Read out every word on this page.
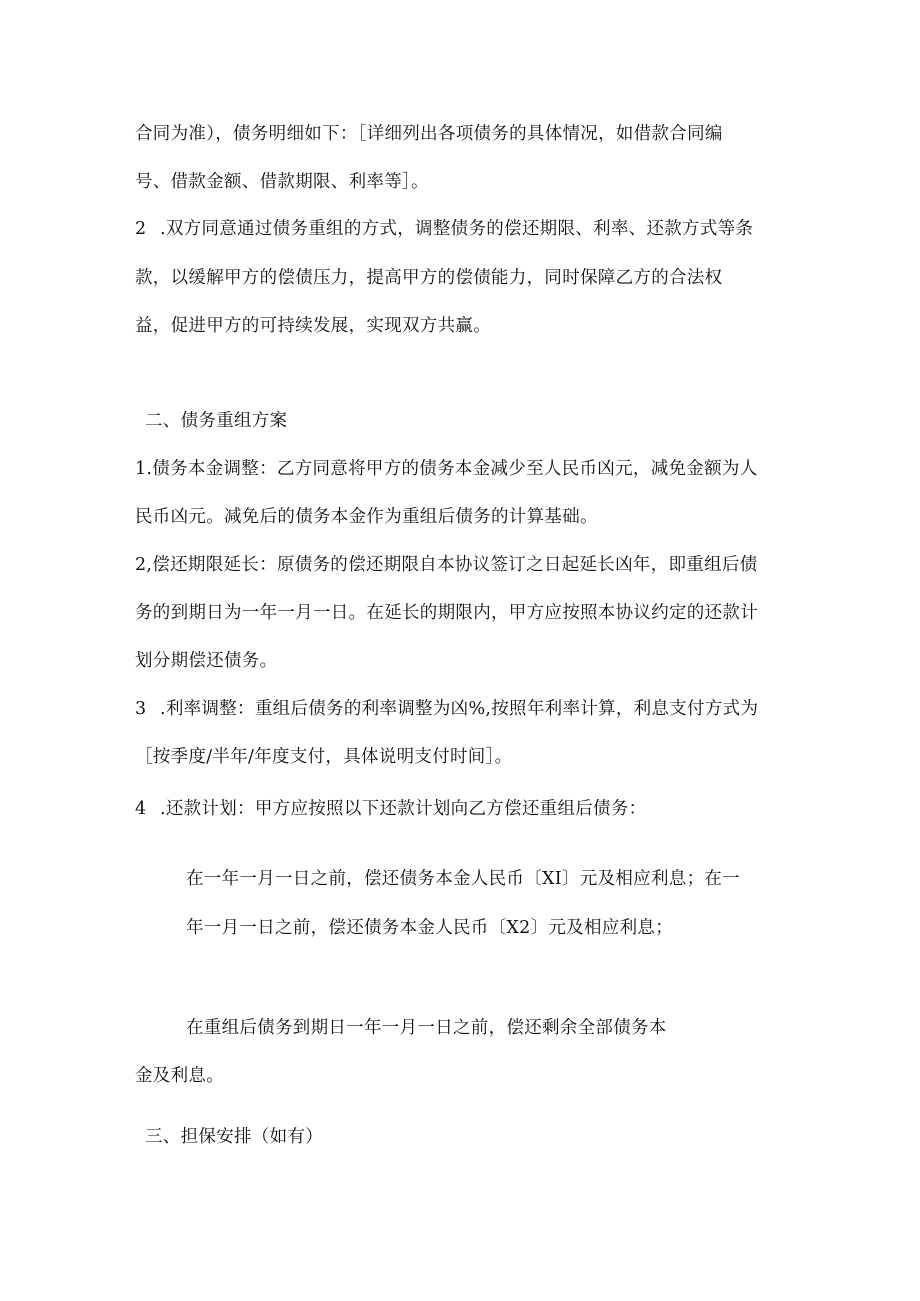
合同为准），债务明细如下：［详细列出各项债务的具体情况，如借款合同编
号、借款金额、借款期限、利率等］。
2 .双方同意通过债务重组的方式，调整债务的偿还期限、利率、还款方式等条
款，以缓解甲方的偿债压力，提高甲方的偿债能力，同时保障乙方的合法权
益，促进甲方的可持续发展，实现双方共赢。
二、债务重组方案
1.债务本金调整：乙方同意将甲方的债务本金减少至人民币凶元，减免金额为人
民币凶元。减免后的债务本金作为重组后债务的计算基础。
2,偿还期限延长：原债务的偿还期限自本协议签订之日起延长凶年，即重组后债
务的到期日为一年一月一日。在延长的期限内，甲方应按照本协议约定的还款计
划分期偿还债务。
3 .利率调整：重组后债务的利率调整为凶%,按照年利率计算，利息支付方式为
［按季度/半年/年度支付，具体说明支付时间］。
4 .还款计划：甲方应按照以下还款计划向乙方偿还重组后债务：
在一年一月一日之前，偿还债务本金人民币〔XI〕元及相应利息；在一
年一月一日之前，偿还债务本金人民币〔X2〕元及相应利息；
在重组后债务到期日一年一月一日之前，偿还剩余全部债务本
金及利息。
三、担保安排（如有）
